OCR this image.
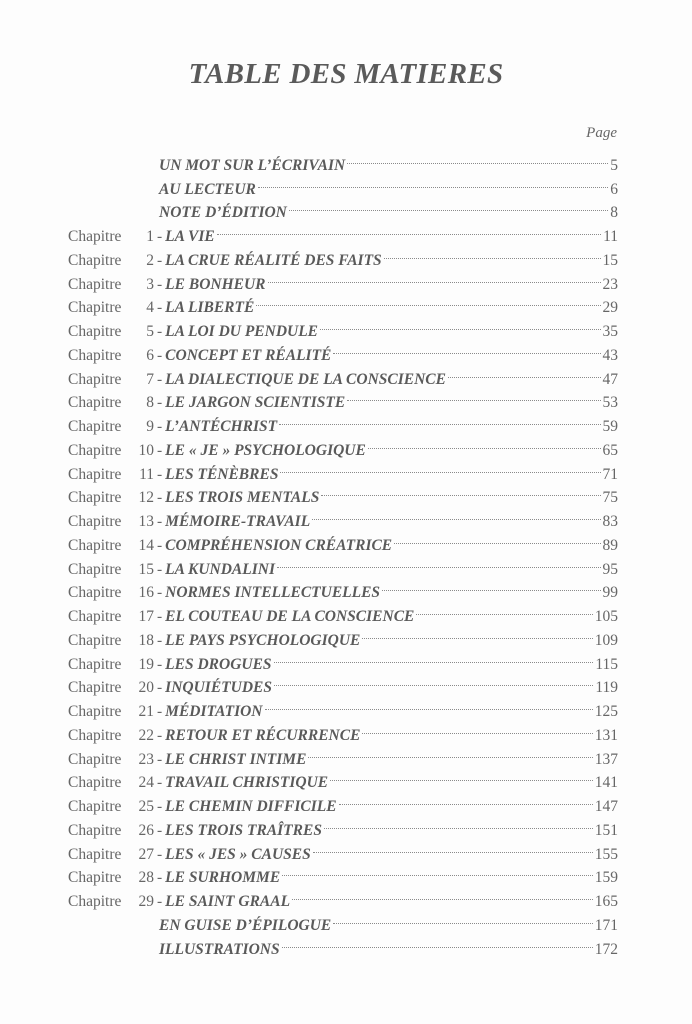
TABLE DES MATIERES
Page
UN MOT SUR L’ÉCRIVAIN	5
AU LECTEUR	6
NOTE D’ÉDITION	8
Chapitre	1 - LA VIE	11
Chapitre	2 - LA CRUE RÉALITÉ DES FAITS	15
Chapitre	3 - LE BONHEUR	23
Chapitre	4 - LA LIBERTÉ	29
Chapitre	5 - LA LOI DU PENDULE	35
Chapitre	6 - CONCEPT ET RÉALITÉ	43
Chapitre	7 - LA DIALECTIQUE DE LA CONSCIENCE	47
Chapitre	8 - LE JARGON SCIENTISTE	53
Chapitre	9 - L’ANTÉCHRIST	59
Chapitre	10 - LE « JE » PSYCHOLOGIQUE	65
Chapitre	11 - LES TÉNÈBRES	71
Chapitre	12 - LES TROIS MENTALS	75
Chapitre	13 - MÉMOIRE-TRAVAIL	83
Chapitre	14 - COMPRÉHENSION CRÉATRICE	89
Chapitre	15 - LA KUNDALINI	95
Chapitre	16 - NORMES INTELLECTUELLES	99
Chapitre	17 - EL COUTEAU DE LA CONSCIENCE	105
Chapitre	18 - LE PAYS PSYCHOLOGIQUE	109
Chapitre	19 - LES DROGUES	115
Chapitre	20 - INQUIÉTUDES	119
Chapitre	21 - MÉDITATION	125
Chapitre	22 - RETOUR ET RÉCURRENCE	131
Chapitre	23 - LE CHRIST INTIME	137
Chapitre	24 - TRAVAIL CHRISTIQUE	141
Chapitre	25 - LE CHEMIN DIFFICILE	147
Chapitre	26 - LES TROIS TRAÎTRES	151
Chapitre	27 - LES « JES » CAUSES	155
Chapitre	28 - LE SURHOMME	159
Chapitre	29 - LE SAINT GRAAL	165
EN GUISE D’ÉPILOGUE	171
ILLUSTRATIONS	172
